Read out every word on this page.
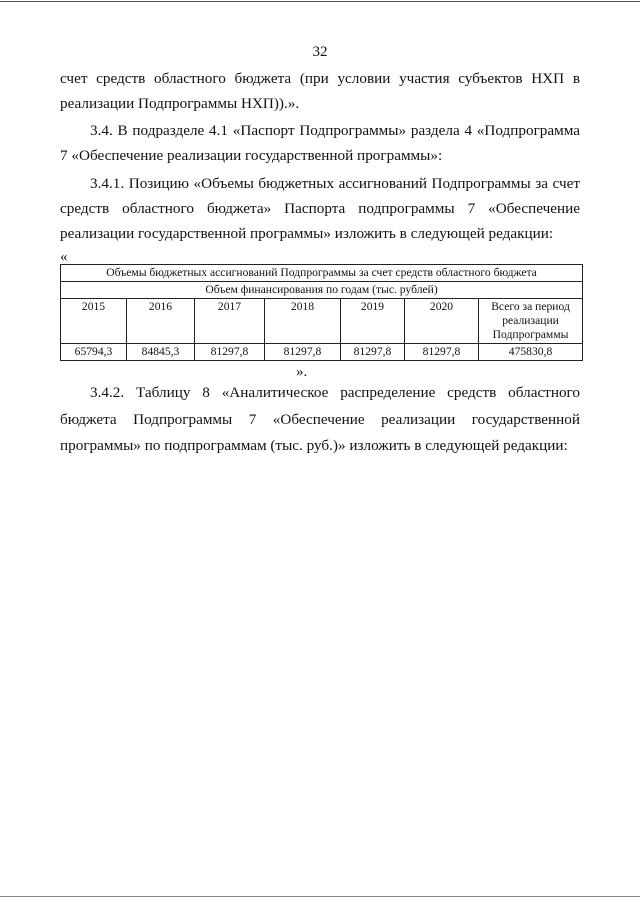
32

счет средств областного бюджета (при условии участия субъектов НХП в

реализации Подпрограммы НХП)).».

3.4. В подразделе 4.1 «Паспорт Подпрограммы» раздела 4 «Подпрограмма

7 «Обеспечение реализации государственной программы»:

3.4.1. Позицию «Объемы бюджетных ассигнований Подпрограммы за счет

средств областного бюджета» Паспорта подпрограммы 7 «Обеспечение

реализации государственной программы» изложить в следующей редакции:

«
Объемы бюджетных ассигнований Подпрограммы за счет средств областного бюджета						
Объем финансирования по годам (тыс. рублей)						
2015	2016	2017	2018	2019	2020	Всего за период реализации Подпрограммы
65794,3	84845,3	81297,8	81297,8	81297,8	81297,8	475830,8
».

3.4.2. Таблицу 8 «Аналитическое распределение средств областного

бюджета Подпрограммы 7 «Обеспечение реализации государственной

программы» по подпрограммам (тыс. руб.)» изложить в следующей редакции:
